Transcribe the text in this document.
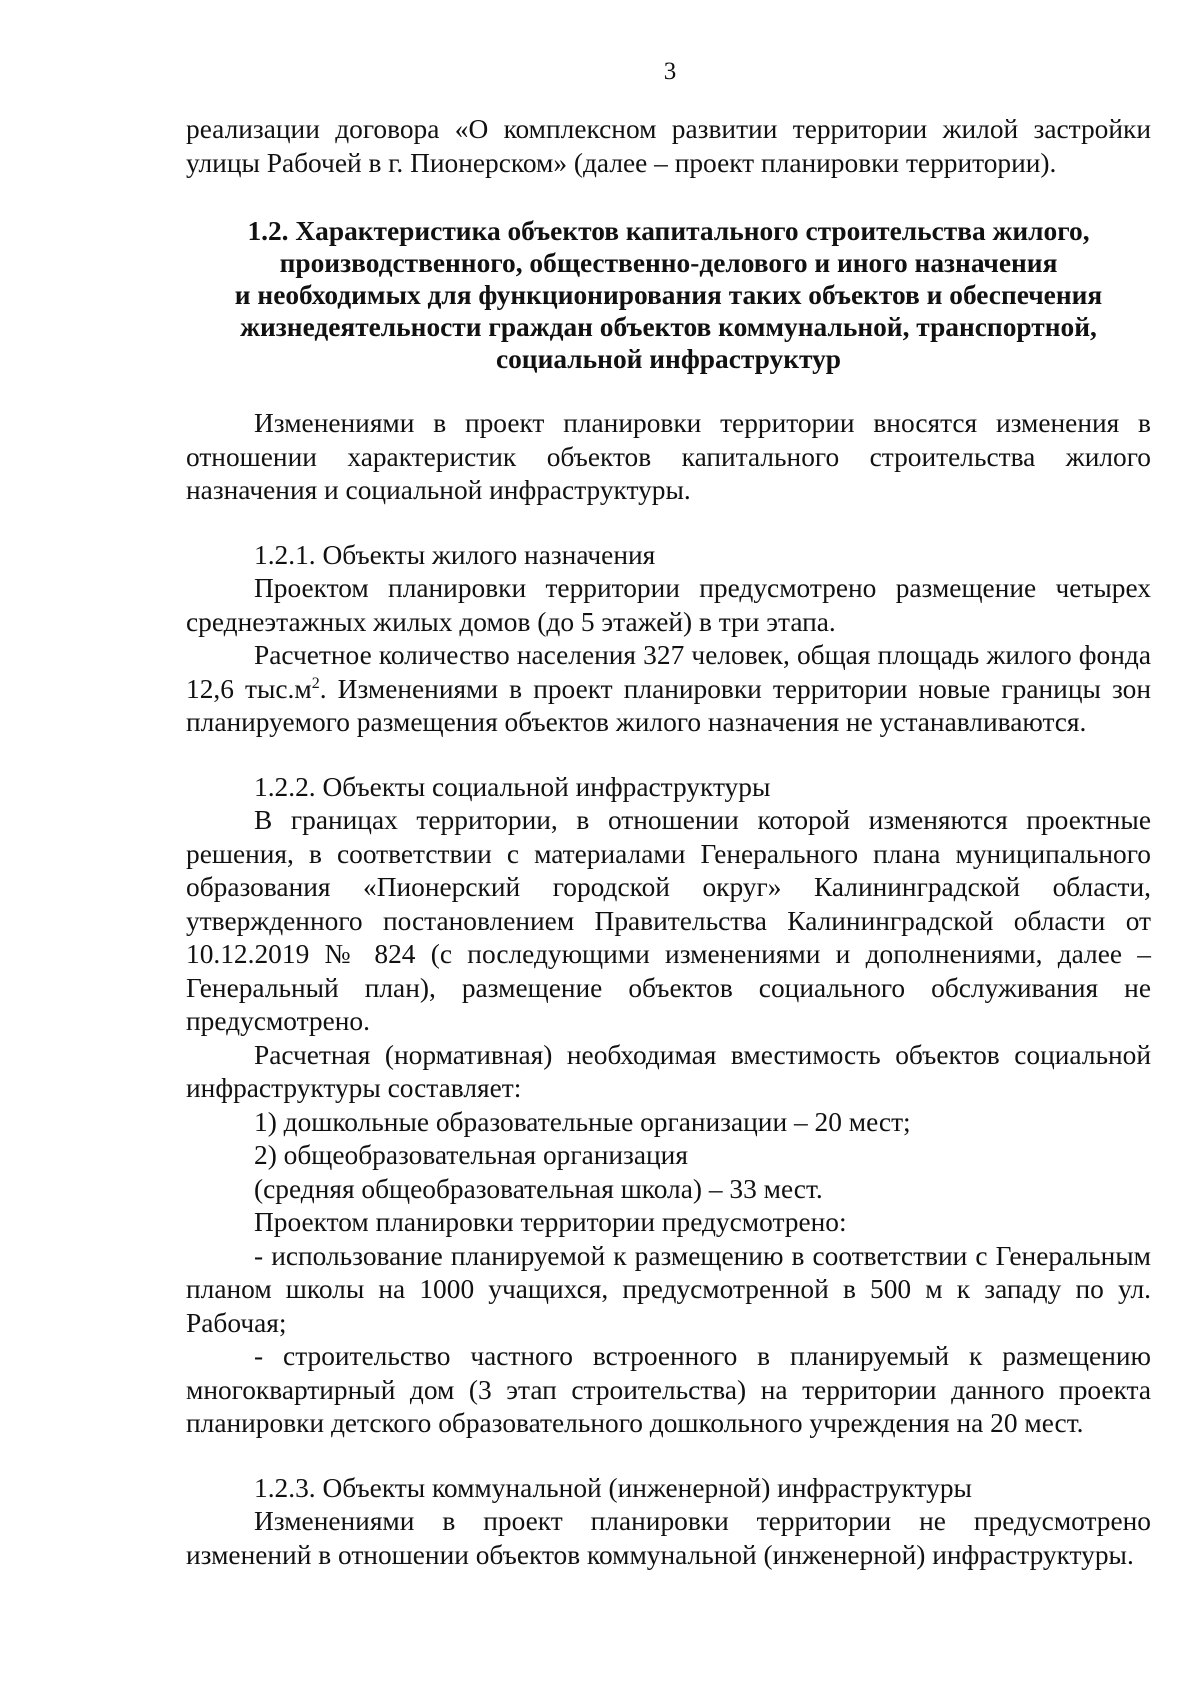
3

реализации договора «О комплексном развитии территории жилой застройки улицы Рабочей в г. Пионерском» (далее – проект планировки территории).

1.2. Характеристика объектов капитального строительства жилого,
производственного, общественно-делового и иного назначения
и необходимых для функционирования таких объектов и обеспечения
жизнедеятельности граждан объектов коммунальной, транспортной,
социальной инфраструктур

Изменениями в проект планировки территории вносятся изменения в отношении характеристик объектов капитального строительства жилого назначения и социальной инфраструктуры.

1.2.1. Объекты жилого назначения

Проектом планировки территории предусмотрено размещение четырех среднеэтажных жилых домов (до 5 этажей) в три этапа.

Расчетное количество населения 327 человек, общая площадь жилого фонда 12,6 $тыс.м^2$. Изменениями в проект планировки территории новые границы зон планируемого размещения объектов жилого назначения не устанавливаются.

1.2.2. Объекты социальной инфраструктуры

В границах территории, в отношении которой изменяются проектные решения, в соответствии с материалами Генерального плана муниципального образования «Пионерский городской округ» Калининградской области, утвержденного постановлением Правительства Калининградской области от 10.12.2019 № 824 (с последующими изменениями и дополнениями, далее – Генеральный план), размещение объектов социального обслуживания не предусмотрено.

Расчетная (нормативная) необходимая вместимость объектов социальной инфраструктуры составляет:

1) дошкольные образовательные организации – 20 мест;

2) общеобразовательная организация

(средняя общеобразовательная школа) – 33 мест.

Проектом планировки территории предусмотрено:

- использование планируемой к размещению в соответствии с Генеральным планом школы на 1000 учащихся, предусмотренной в 500 м к западу по ул. Рабочая;

- строительство частного встроенного в планируемый к размещению многоквартирный дом (3 этап строительства) на территории данного проекта планировки детского образовательного дошкольного учреждения на 20 мест.

1.2.3. Объекты коммунальной (инженерной) инфраструктуры

Изменениями в проект планировки территории не предусмотрено изменений в отношении объектов коммунальной (инженерной) инфраструктуры.
